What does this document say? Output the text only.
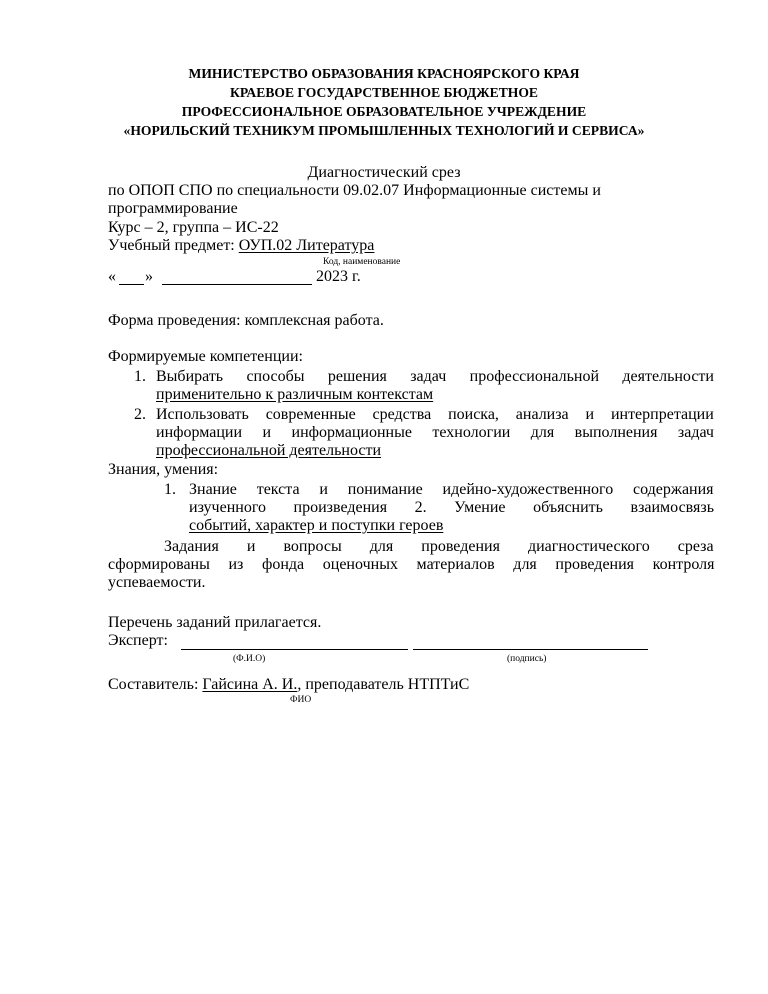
МИНИСТЕРСТВО ОБРАЗОВАНИЯ КРАСНОЯРСКОГО КРАЯ
КРАЕВОЕ ГОСУДАРСТВЕННОЕ БЮДЖЕТНОЕ
ПРОФЕССИОНАЛЬНОЕ ОБРАЗОВАТЕЛЬНОЕ УЧРЕЖДЕНИЕ
«НОРИЛЬСКИЙ ТЕХНИКУМ ПРОМЫШЛЕННЫХ ТЕХНОЛОГИЙ И СЕРВИСА»
Диагностический срез
по ОПОП СПО по специальности 09.02.07 Информационные системы и
программирование
Курс – 2, группа – ИС-22
Учебный предмет: ОУП.02 Литература
Код, наименование
« »	2023 г.
Форма проведения: комплексная работа.
Формируемые компетенции:
1. Выбирать способы решения задач профессиональной деятельности
применительно к различным контекстам
2. Использовать современные средства поиска, анализа и интерпретации
информации и информационные технологии для выполнения задач
профессиональной деятельности
Знания, умения:
1. Знание текста и понимание идейно-художественного содержания
изученного произведения 2. Умение объяснить взаимосвязь
событий, характер и поступки героев
Задания и вопросы для проведения диагностического среза
сформированы из фонда оценочных материалов для проведения контроля
успеваемости.
Перечень заданий прилагается.
Эксперт:
(Ф.И.О)	(подпись)
Составитель: Гайсина А. И., преподаватель НТПТиС
ФИО
